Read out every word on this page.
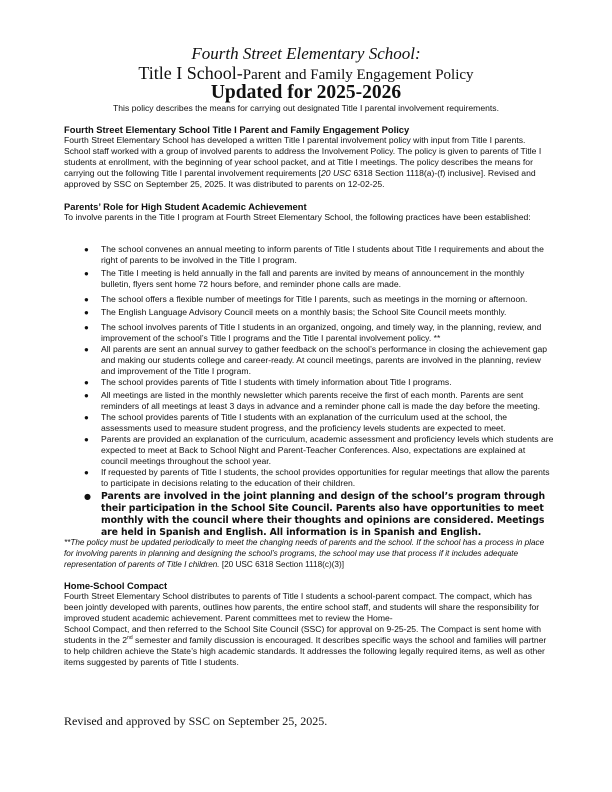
Fourth Street Elementary School:
Title I School-Parent and Family Engagement Policy
Updated for 2025-2026
This policy describes the means for carrying out designated Title I parental involvement requirements.
Fourth Street Elementary School Title I Parent and Family Engagement Policy

Fourth Street Elementary School has developed a written Title I parental involvement policy with input from Title I parents. School staff worked with a group of involved parents to address the Involvement Policy. The policy is given to parents of Title I students at enrollment, with the beginning of year school packet, and at Title I meetings. The policy describes the means for carrying out the following Title I parental involvement requirements [20 USC 6318 Section 1118(a)-(f) inclusive]. Revised and approved by SSC on September 25, 2025. It was distributed to parents on 12-02-25.

Parents’ Role for High Student Academic Achievement

To involve parents in the Title I program at Fourth Street Elementary School, the following practices have been established:

● The school convenes an annual meeting to inform parents of Title I students about Title I requirements and about the right of parents to be involved in the Title I program.
● The Title I meeting is held annually in the fall and parents are invited by means of announcement in the monthly bulletin, flyers sent home 72 hours before, and reminder phone calls are made.
● The school offers a flexible number of meetings for Title I parents, such as meetings in the morning or afternoon.
● The English Language Advisory Council meets on a monthly basis; the School Site Council meets monthly.
● The school involves parents of Title I students in an organized, ongoing, and timely way, in the planning, review, and improvement of the school’s Title I programs and the Title I parental involvement policy. **
● All parents are sent an annual survey to gather feedback on the school’s performance in closing the achievement gap and making our students college and career-ready. At council meetings, parents are involved in the planning, review and improvement of the Title I program.
● The school provides parents of Title I students with timely information about Title I programs.
● All meetings are listed in the monthly newsletter which parents receive the first of each month. Parents are sent reminders of all meetings at least 3 days in advance and a reminder phone call is made the day before the meeting.
● The school provides parents of Title I students with an explanation of the curriculum used at the school, the assessments used to measure student progress, and the proficiency levels students are expected to meet.
● Parents are provided an explanation of the curriculum, academic assessment and proficiency levels which students are expected to meet at Back to School Night and Parent-Teacher Conferences. Also, expectations are explained at council meetings throughout the school year.
● If requested by parents of Title I students, the school provides opportunities for regular meetings that allow the parents to participate in decisions relating to the education of their children.
● Parents are involved in the joint planning and design of the school’s program through their participation in the School Site Council. Parents also have opportunities to meet monthly with the council where their thoughts and opinions are considered. Meetings are held in Spanish and English. All information is in Spanish and English.
**The policy must be updated periodically to meet the changing needs of parents and the school. If the school has a process in place for involving parents in planning and designing the school’s programs, the school may use that process if it includes adequate representation of parents of Title I children. [20 USC 6318 Section 1118(c)(3)]
Home-School Compact

Fourth Street Elementary School distributes to parents of Title I students a school-parent compact. The compact, which has been jointly developed with parents, outlines how parents, the entire school staff, and students will share the responsibility for improved student academic achievement. Parent committees met to review the Home-
School Compact, and then referred to the School Site Council (SSC) for approval on 9-25-25. The Compact is sent home with students in the 2nd semester and family discussion is encouraged. It describes specific ways the school and families will partner to help children achieve the State’s high academic standards. It addresses the following legally required items, as well as other items suggested by parents of Title I students.

Revised and approved by SSC on September 25, 2025.
